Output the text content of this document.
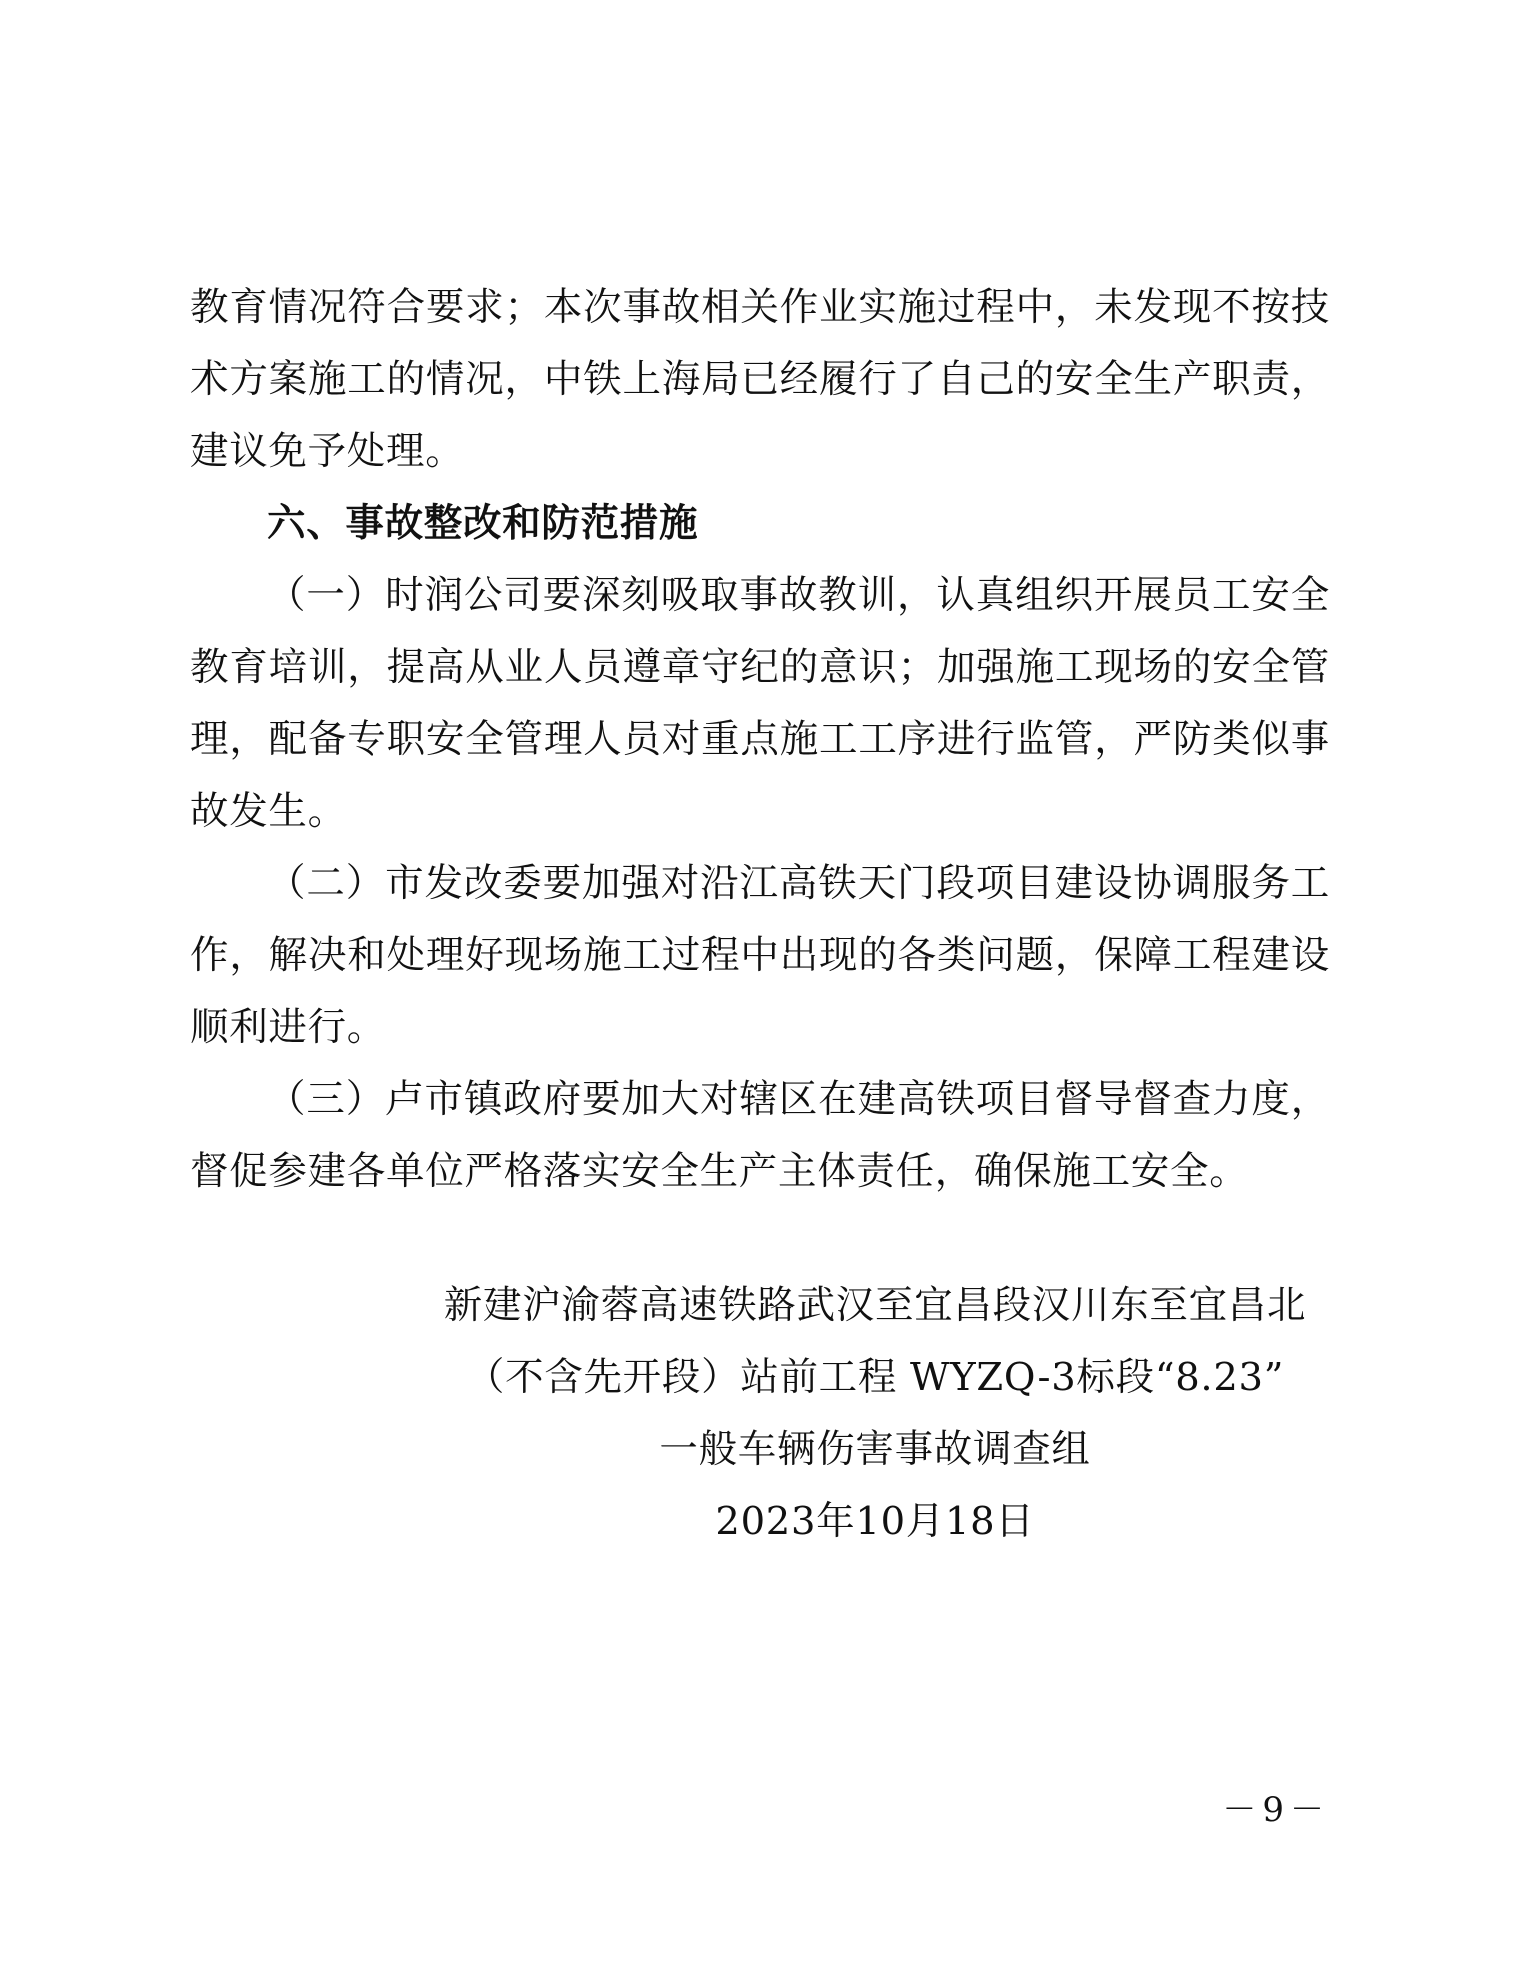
教育情况符合要求；本次事故相关作业实施过程中，未发现不按技术方案施工的情况，中铁上海局已经履行了自己的安全生产职责，建议免予处理。

六、事故整改和防范措施

（一）时润公司要深刻吸取事故教训，认真组织开展员工安全教育培训，提高从业人员遵章守纪的意识；加强施工现场的安全管理，配备专职安全管理人员对重点施工工序进行监管，严防类似事故发生。

（二）市发改委要加强对沿江高铁天门段项目建设协调服务工作，解决和处理好现场施工过程中出现的各类问题，保障工程建设顺利进行。

（三）卢市镇政府要加大对辖区在建高铁项目督导督查力度，督促参建各单位严格落实安全生产主体责任，确保施工安全。

新建沪渝蓉高速铁路武汉至宜昌段汉川东至宜昌北

（不含先开段）站前工程 WYZQ-3标段“8.23”

一般车辆伤害事故调查组

2023年10月18日

－9－
